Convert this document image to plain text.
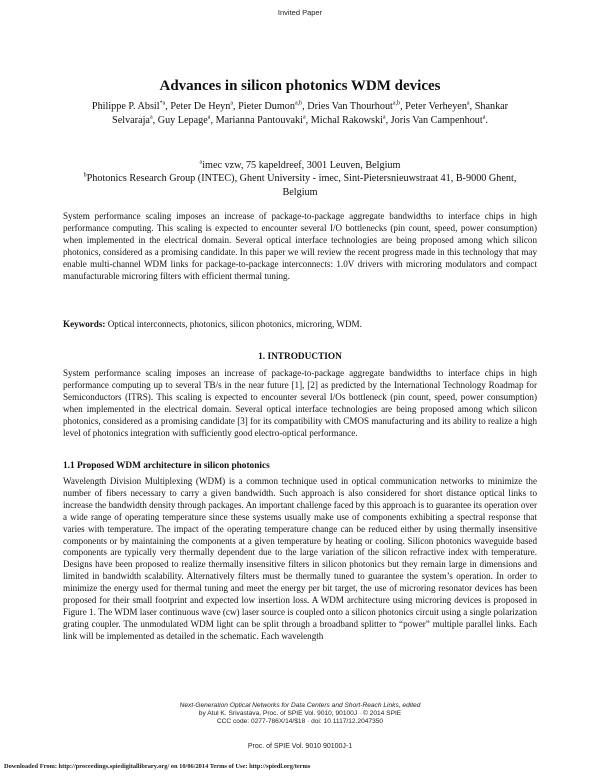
Invited Paper
Advances in silicon photonics WDM devices
Philippe P. Absil$^{*a}$, Peter De Heyn$^a$, Pieter Dumon$^{a,b}$, Dries Van Thourhout$^{a,b}$, Peter Verheyen$^a$, Shankar Selvaraja$^a$, Guy Lepage$^a$, Marianna Pantouvaki$^a$, Michal Rakowski$^a$, Joris Van Campenhout$^a$.
$^a$imec vzw, 75 kapeldreef, 3001 Leuven, Belgium
$^b$Photonics Research Group (INTEC), Ghent University - imec, Sint-Pietersnieuwstraat 41, B-9000 Ghent, Belgium
System performance scaling imposes an increase of package-to-package aggregate bandwidths to interface chips in high performance computing. This scaling is expected to encounter several I/O bottlenecks (pin count, speed, power consumption) when implemented in the electrical domain. Several optical interface technologies are being proposed among which silicon photonics, considered as a promising candidate. In this paper we will review the recent progress made in this technology that may enable multi-channel WDM links for package-to-package interconnects: 1.0V drivers with microring modulators and compact manufacturable microring filters with efficient thermal tuning.
Keywords: Optical interconnects, photonics, silicon photonics, microring, WDM.
1. INTRODUCTION
System performance scaling imposes an increase of package-to-package aggregate bandwidths to interface chips in high performance computing up to several TB/s in the near future [1], [2] as predicted by the International Technology Roadmap for Semiconductors (ITRS). This scaling is expected to encounter several I/Os bottleneck (pin count, speed, power consumption) when implemented in the electrical domain. Several optical interface technologies are being proposed among which silicon photonics, considered as a promising candidate [3] for its compatibility with CMOS manufacturing and its ability to realize a high level of photonics integration with sufficiently good electro-optical performance.
1.1 Proposed WDM architecture in silicon photonics
Wavelength Division Multiplexing (WDM) is a common technique used in optical communication networks to minimize the number of fibers necessary to carry a given bandwidth. Such approach is also considered for short distance optical links to increase the bandwidth density through packages. An important challenge faced by this approach is to guarantee its operation over a wide range of operating temperature since these systems usually make use of components exhibiting a spectral response that varies with temperature. The impact of the operating temperature change can be reduced either by using thermally insensitive components or by maintaining the components at a given temperature by heating or cooling. Silicon photonics waveguide based components are typically very thermally dependent due to the large variation of the silicon refractive index with temperature. Designs have been proposed to realize thermally insensitive filters in silicon photonics but they remain large in dimensions and limited in bandwidth scalability. Alternatively filters must be thermally tuned to guarantee the system’s operation. In order to minimize the energy used for thermal tuning and meet the energy per bit target, the use of microring resonator devices has been proposed for their small footprint and expected low insertion loss. A WDM architecture using microring devices is proposed in Figure 1. The WDM laser continuous wave (cw) laser source is coupled onto a silicon photonics circuit using a single polarization grating coupler. The unmodulated WDM light can be split through a broadband splitter to “power” multiple parallel links. Each link will be implemented as detailed in the schematic. Each wavelength
Next-Generation Optical Networks for Data Centers and Short-Reach Links, edited
by Atul K. Srivastava, Proc. of SPIE Vol. 9010, 90100J · © 2014 SPIE
CCC code: 0277-786X/14/$18 · doi: 10.1117/12.2047350
Proc. of SPIE Vol. 9010 90100J-1
Downloaded From: http://proceedings.spiedigitallibrary.org/ on 10/06/2014 Terms of Use: http://spiedl.org/terms
